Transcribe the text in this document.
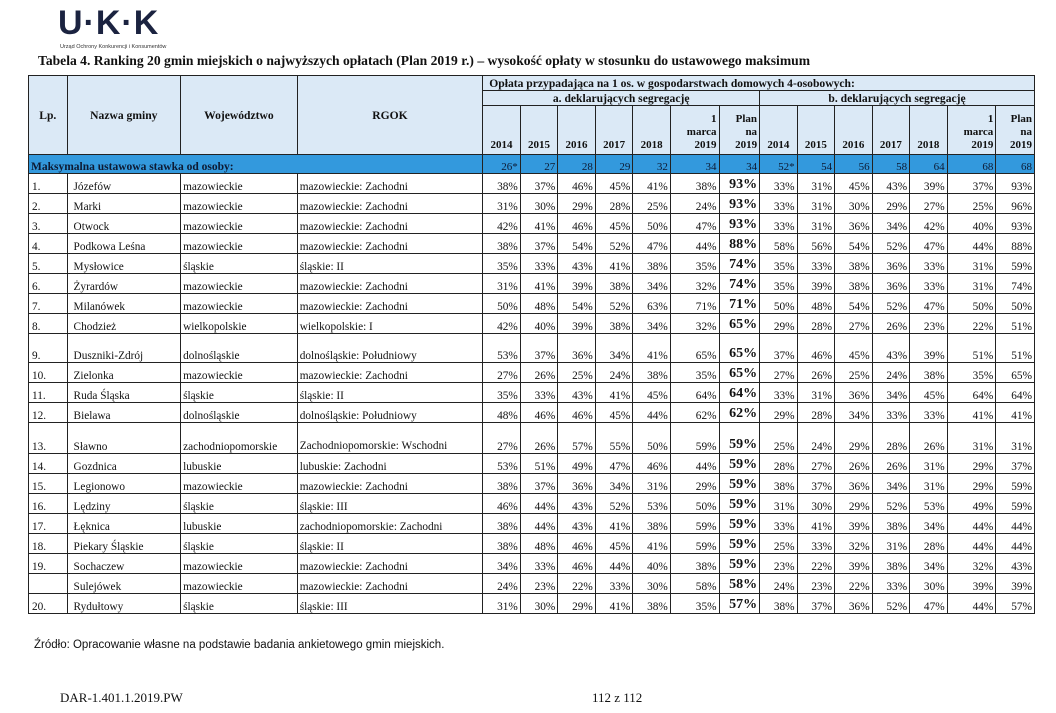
U·K·K
Urząd Ochrony Konkurencji i Konsumentów
Tabela 4. Ranking 20 gmin miejskich o najwyższych opłatach (Plan 2019 r.) – wysokość opłaty w stosunku do ustawowego maksimum
Lp.	Nazwa gminy	Województwo	RGOK	Opłata przypadająca na 1 os. w gospodarstwach domowych 4-osobowych:													
				a. deklarujących segregację							b. deklarujących segregację						
				2014	2015	2016	2017	2018	1
marca
2019	Plan
na
2019	2014	2015	2016	2017	2018	1
marca
2019	Plan
na
2019
Maksymalna ustawowa stawka od osoby:				26*	27	28	29	32	34	34	52*	54	56	58	64	68	68
1.	Józefów	mazowieckie	mazowieckie: Zachodni	38%	37%	46%	45%	41%	38%	93%	33%	31%	45%	43%	39%	37%	93%
2.	Marki	mazowieckie	mazowieckie: Zachodni	31%	30%	29%	28%	25%	24%	93%	33%	31%	30%	29%	27%	25%	96%
3.	Otwock	mazowieckie	mazowieckie: Zachodni	42%	41%	46%	45%	50%	47%	93%	33%	31%	36%	34%	42%	40%	93%
4.	Podkowa Leśna	mazowieckie	mazowieckie: Zachodni	38%	37%	54%	52%	47%	44%	88%	58%	56%	54%	52%	47%	44%	88%
5.	Mysłowice	śląskie	śląskie: II	35%	33%	43%	41%	38%	35%	74%	35%	33%	38%	36%	33%	31%	59%
6.	Żyrardów	mazowieckie	mazowieckie: Zachodni	31%	41%	39%	38%	34%	32%	74%	35%	39%	38%	36%	33%	31%	74%
7.	Milanówek	mazowieckie	mazowieckie: Zachodni	50%	48%	54%	52%	63%	71%	71%	50%	48%	54%	52%	47%	50%	50%
8.	Chodzież	wielkopolskie	wielkopolskie: I	42%	40%	39%	38%	34%	32%	65%	29%	28%	27%	26%	23%	22%	51%
9.	Duszniki-Zdrój	dolnośląskie	dolnośląskie: Południowy	53%	37%	36%	34%	41%	65%	65%	37%	46%	45%	43%	39%	51%	51%
10.	Zielonka	mazowieckie	mazowieckie: Zachodni	27%	26%	25%	24%	38%	35%	65%	27%	26%	25%	24%	38%	35%	65%
11.	Ruda Śląska	śląskie	śląskie: II	35%	33%	43%	41%	45%	64%	64%	33%	31%	36%	34%	45%	64%	64%
12.	Bielawa	dolnośląskie	dolnośląskie: Południowy	48%	46%	46%	45%	44%	62%	62%	29%	28%	34%	33%	33%	41%	41%
13.	Sławno	zachodniopomorskie	Zachodniopomorskie: Wschodni	27%	26%	57%	55%	50%	59%	59%	25%	24%	29%	28%	26%	31%	31%
14.	Gozdnica	lubuskie	lubuskie: Zachodni	53%	51%	49%	47%	46%	44%	59%	28%	27%	26%	26%	31%	29%	37%
15.	Legionowo	mazowieckie	mazowieckie: Zachodni	38%	37%	36%	34%	31%	29%	59%	38%	37%	36%	34%	31%	29%	59%
16.	Lędziny	śląskie	śląskie: III	46%	44%	43%	52%	53%	50%	59%	31%	30%	29%	52%	53%	49%	59%
17.	Łęknica	lubuskie	zachodniopomorskie: Zachodni	38%	44%	43%	41%	38%	59%	59%	33%	41%	39%	38%	34%	44%	44%
18.	Piekary Śląskie	śląskie	śląskie: II	38%	48%	46%	45%	41%	59%	59%	25%	33%	32%	31%	28%	44%	44%
19.	Sochaczew	mazowieckie	mazowieckie: Zachodni	34%	33%	46%	44%	40%	38%	59%	23%	22%	39%	38%	34%	32%	43%
	Sulejówek	mazowieckie	mazowieckie: Zachodni	24%	23%	22%	33%	30%	58%	58%	24%	23%	22%	33%	30%	39%	39%
20.	Rydułtowy	śląskie	śląskie: III	31%	30%	29%	41%	38%	35%	57%	38%	37%	36%	52%	47%	44%	57%
Źródło: Opracowanie własne na podstawie badania ankietowego gmin miejskich.
DAR-1.401.1.2019.PW	112 z 112
